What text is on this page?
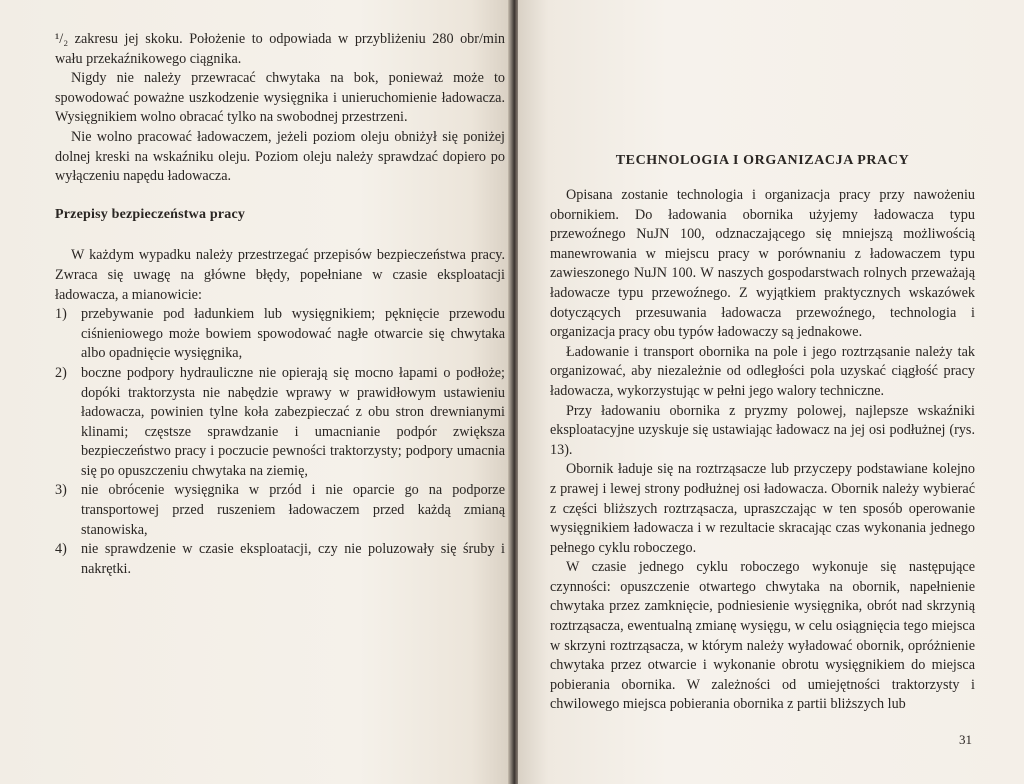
¹/₂ zakresu jej skoku. Położenie to odpowiada w przybliżeniu 280 obr/min wału przekaźnikowego ciągnika.

Nigdy nie należy przewracać chwytaka na bok, ponieważ może to spowodować poważne uszkodzenie wysięgnika i unieruchomienie ładowacza. Wysięgnikiem wolno obracać tylko na swobodnej przestrzeni.

Nie wolno pracować ładowaczem, jeżeli poziom oleju obniżył się poniżej dolnej kreski na wskaźniku oleju. Poziom oleju należy sprawdzać dopiero po wyłączeniu napędu ładowacza.

Przepisy bezpieczeństwa pracy

W każdym wypadku należy przestrzegać przepisów bezpieczeństwa pracy. Zwraca się uwagę na główne błędy, popełniane w czasie eksploatacji ładowacza, a mianowicie:

1) przebywanie pod ładunkiem lub wysięgnikiem; pęknięcie przewodu ciśnieniowego może bowiem spowodować nagłe otwarcie się chwytaka albo opadnięcie wysięgnika,
2) boczne podpory hydrauliczne nie opierają się mocno łapami o podłoże; dopóki traktorzysta nie nabędzie wprawy w prawidłowym ustawieniu ładowacza, powinien tylne koła zabezpieczać z obu stron drewnianymi klinami; częstsze sprawdzanie i umacnianie podpór zwiększa bezpieczeństwo pracy i poczucie pewności traktorzysty; podpory umacnia się po opuszczeniu chwytaka na ziemię,
3) nie obrócenie wysięgnika w przód i nie oparcie go na podporze transportowej przed ruszeniem ładowaczem przed każdą zmianą stanowiska,
4) nie sprawdzenie w czasie eksploatacji, czy nie poluzowały się śruby i nakrętki.
TECHNOLOGIA I ORGANIZACJA PRACY

Opisana zostanie technologia i organizacja pracy przy nawożeniu obornikiem. Do ładowania obornika użyjemy ładowacza typu przewoźnego NuJN 100, odznaczającego się mniejszą możliwością manewrowania w miejscu pracy w porównaniu z ładowaczem typu zawieszonego NuJN 100. W naszych gospodarstwach rolnych przeważają ładowacze typu przewoźnego. Z wyjątkiem praktycznych wskazówek dotyczących przesuwania ładowacza przewoźnego, technologia i organizacja pracy obu typów ładowaczy są jednakowe.

Ładowanie i transport obornika na pole i jego roztrząsanie należy tak organizować, aby niezależnie od odległości pola uzyskać ciągłość pracy ładowacza, wykorzystując w pełni jego walory techniczne.

Przy ładowaniu obornika z pryzmy polowej, najlepsze wskaźniki eksploatacyjne uzyskuje się ustawiając ładowacz na jej osi podłużnej (rys. 13).

Obornik ładuje się na roztrząsacze lub przyczepy podstawiane kolejno z prawej i lewej strony podłużnej osi ładowacza. Obornik należy wybierać z części bliższych roztrząsacza, upraszczając w ten sposób operowanie wysięgnikiem ładowacza i w rezultacie skracając czas wykonania jednego pełnego cyklu roboczego.

W czasie jednego cyklu roboczego wykonuje się następujące czynności: opuszczenie otwartego chwytaka na obornik, napełnienie chwytaka przez zamknięcie, podniesienie wysięgnika, obrót nad skrzynią roztrząsacza, ewentualną zmianę wysięgu, w celu osiągnięcia tego miejsca w skrzyni roztrząsacza, w którym należy wyładować obornik, opróżnienie chwytaka przez otwarcie i wykonanie obrotu wysięgnikiem do miejsca pobierania obornika. W zależności od umiejętności traktorzysty i chwilowego miejsca pobierania obornika z partii bliższych lub

31
